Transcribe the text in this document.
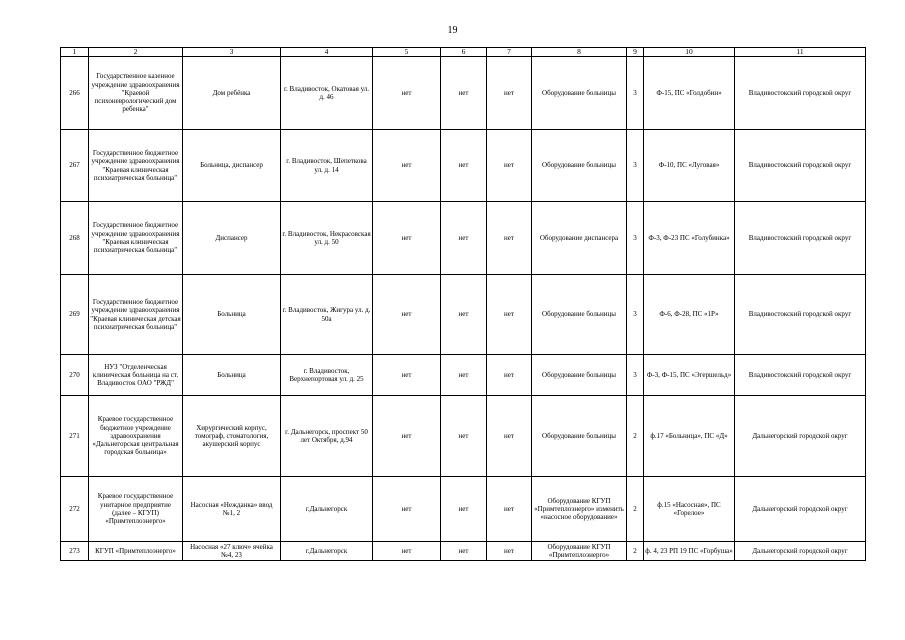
19
1	2	3	4	5	6	7	8	9	10	11
266	Государственное казенное учреждение здравоохранения "Краевой психоневрологический дом ребенка"	Дом ребёнка	г. Владивосток, Окатовая ул. д. 46	нет	нет	нет	Оборудование больницы	3	Ф-15, ПС «Голдобин»	Владивостокский городской округ
267	Государственное бюджетное учреждение здравоохранения "Краевая клиническая психиатрическая больница"	Больница, диспансер	г. Владивосток, Шепеткова ул. д. 14	нет	нет	нет	Оборудование больницы	3	Ф-10, ПС «Луговая»	Владивостокский городской округ
268	Государственное бюджетное учреждение здравоохранения "Краевая клиническая психиатрическая больница"	Диспансер	г. Владивосток, Некрасовская ул. д. 50	нет	нет	нет	Оборудование диспансера	3	Ф-3, Ф-23 ПС «Голубинка»	Владивостокский городской округ
269	Государственное бюджетное учреждение здравоохранения "Краевая клиническая детская психиатрическая больница"	Больница	г. Владивосток, Жигура ул. д. 50а	нет	нет	нет	Оборудование больницы	3	Ф-6, Ф-28, ПС «1Р»	Владивостокский городской округ
270	НУЗ "Отделенческая клиническая больница на ст. Владивосток ОАО "РЖД"	Больница	г. Владивосток, Верхнепортовая ул. д. 25	нет	нет	нет	Оборудование больницы	3	Ф-3, Ф-15, ПС «Эгершельд»	Владивостокский городской округ
271	Краевое государственное бюджетное учреждение здравоохранения «Дальнегорская центральная городская больница»	Хирургический корпус, томограф, стоматология, акушерский корпус	г. Дальнегорск, проспект 50 лет Октября, д.94	нет	нет	нет	Оборудование больницы	2	ф.17 «Больница», ПС «Д»	Дальнегорский городской округ
272	Краевое государственное унитарное предприятие (далее – КГУП) «Примтеплоэнерго»	Насосная «Нежданка» ввод №1, 2	г.Дальнегорск	нет	нет	нет	Оборудование КГУП «Примтеплоэнерго» изменить «насосное оборудование»	2	ф.15 «Насосная», ПС «Горелое»	Дальнегорский городской округ
273	КГУП «Примтеплоэнерго»	Насосная «27 ключ» ячейка №4, 23	г.Дальнегорск	нет	нет	нет	Оборудование КГУП «Примтеплоэнерго»	2	ф. 4, 23 РП 19 ПС «Горбуша»	Дальнегорский городской округ
